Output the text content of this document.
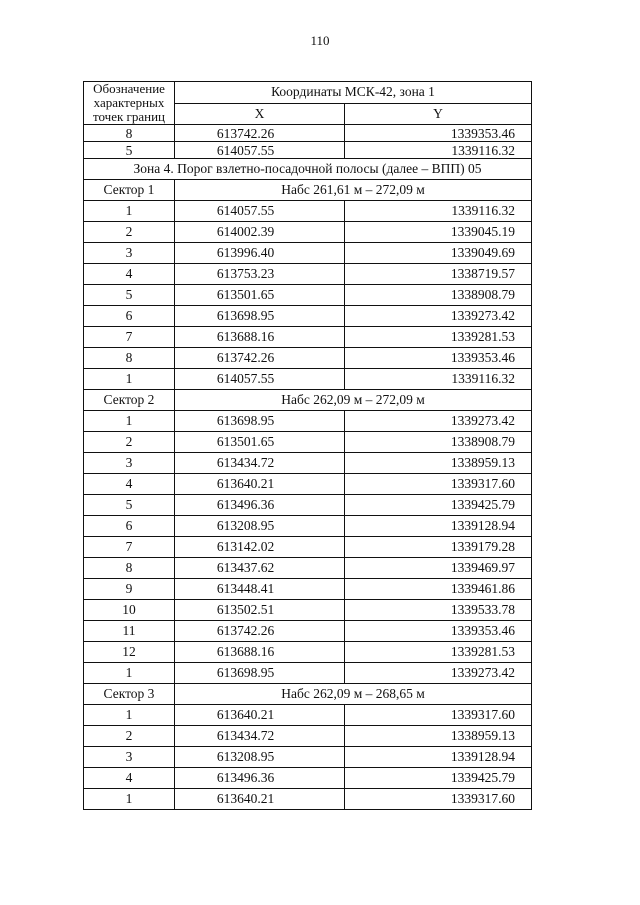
110
Обозначение
характерных
точек границ	Координаты МСК-42, зона 1	
	X	Y
8	613742.26	1339353.46
5	614057.55	1339116.32
Зона 4. Порог взлетно-посадочной полосы (далее – ВПП) 05		
Сектор 1	Набс 261,61 м – 272,09 м	
1	614057.55	1339116.32
2	614002.39	1339045.19
3	613996.40	1339049.69
4	613753.23	1338719.57
5	613501.65	1338908.79
6	613698.95	1339273.42
7	613688.16	1339281.53
8	613742.26	1339353.46
1	614057.55	1339116.32
Сектор 2	Набс 262,09 м – 272,09 м	
1	613698.95	1339273.42
2	613501.65	1338908.79
3	613434.72	1338959.13
4	613640.21	1339317.60
5	613496.36	1339425.79
6	613208.95	1339128.94
7	613142.02	1339179.28
8	613437.62	1339469.97
9	613448.41	1339461.86
10	613502.51	1339533.78
11	613742.26	1339353.46
12	613688.16	1339281.53
1	613698.95	1339273.42
Сектор 3	Набс 262,09 м – 268,65 м	
1	613640.21	1339317.60
2	613434.72	1338959.13
3	613208.95	1339128.94
4	613496.36	1339425.79
1	613640.21	1339317.60
